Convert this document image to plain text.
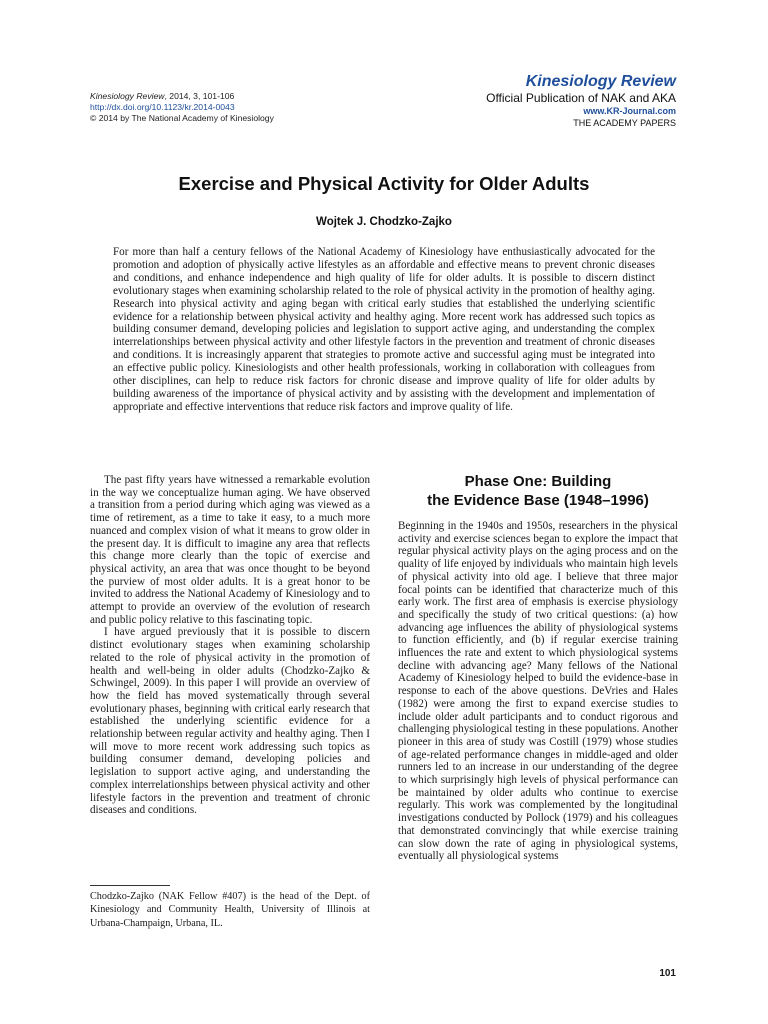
Kinesiology Review, 2014, 3, 101-106
http://dx.doi.org/10.1123/kr.2014-0043
© 2014 by The National Academy of Kinesiology
Kinesiology Review
Official Publication of NAK and AKA
www.KR-Journal.com
THE ACADEMY PAPERS
Exercise and Physical Activity for Older Adults
Wojtek J. Chodzko-Zajko

For more than half a century fellows of the National Academy of Kinesiology have enthusiastically advocated for the promotion and adoption of physically active lifestyles as an affordable and effective means to prevent chronic diseases and conditions, and enhance independence and high quality of life for older adults. It is possible to discern distinct evolutionary stages when examining scholarship related to the role of physical activity in the promotion of healthy aging. Research into physical activity and aging began with critical early studies that established the underlying scientific evidence for a relationship between physical activity and healthy aging. More recent work has addressed such topics as building consumer demand, developing policies and legislation to support active aging, and understanding the complex interrelationships between physical activity and other lifestyle factors in the prevention and treatment of chronic diseases and conditions. It is increasingly apparent that strategies to promote active and successful aging must be integrated into an effective public policy. Kinesiologists and other health professionals, working in collaboration with colleagues from other disciplines, can help to reduce risk factors for chronic disease and improve quality of life for older adults by building awareness of the importance of physical activity and by assisting with the development and implementation of appropriate and effective interventions that reduce risk factors and improve quality of life.

The past fifty years have witnessed a remarkable evolution in the way we conceptualize human aging. We have observed a transition from a period during which aging was viewed as a time of retirement, as a time to take it easy, to a much more nuanced and complex vision of what it means to grow older in the present day. It is difficult to imagine any area that reflects this change more clearly than the topic of exercise and physical activity, an area that was once thought to be beyond the purview of most older adults. It is a great honor to be invited to address the National Academy of Kinesiology and to attempt to provide an overview of the evolution of research and public policy relative to this fascinating topic.

I have argued previously that it is possible to discern distinct evolutionary stages when examining scholarship related to the role of physical activity in the promotion of health and well-being in older adults (Chodzko-Zajko & Schwingel, 2009). In this paper I will provide an overview of how the field has moved systematically through several evolutionary phases, beginning with critical early research that established the underlying scientific evidence for a relationship between regular activity and healthy aging. Then I will move to more recent work addressing such topics as building consumer demand, developing policies and legislation to support active aging, and understanding the complex interrelationships between physical activity and other lifestyle factors in the prevention and treatment of chronic diseases and conditions.

Chodzko-Zajko (NAK Fellow #407) is the head of the Dept. of Kinesiology and Community Health, University of Illinois at Urbana-Champaign, Urbana, IL.

Phase One: Building
the Evidence Base (1948–1996)

Beginning in the 1940s and 1950s, researchers in the physical activity and exercise sciences began to explore the impact that regular physical activity plays on the aging process and on the quality of life enjoyed by individuals who maintain high levels of physical activity into old age. I believe that three major focal points can be identified that characterize much of this early work. The first area of emphasis is exercise physiology and specifically the study of two critical questions: (a) how advancing age influences the ability of physiological systems to function efficiently, and (b) if regular exercise training influences the rate and extent to which physiological systems decline with advancing age? Many fellows of the National Academy of Kinesiology helped to build the evidence-base in response to each of the above questions. DeVries and Hales (1982) were among the first to expand exercise studies to include older adult participants and to conduct rigorous and challenging physiological testing in these populations. Another pioneer in this area of study was Costill (1979) whose studies of age-related performance changes in middle-aged and older runners led to an increase in our understanding of the degree to which surprisingly high levels of physical performance can be maintained by older adults who continue to exercise regularly. This work was complemented by the longitudinal investigations conducted by Pollock (1979) and his colleagues that demonstrated convincingly that while exercise training can slow down the rate of aging in physiological systems, eventually all physiological systems

101
